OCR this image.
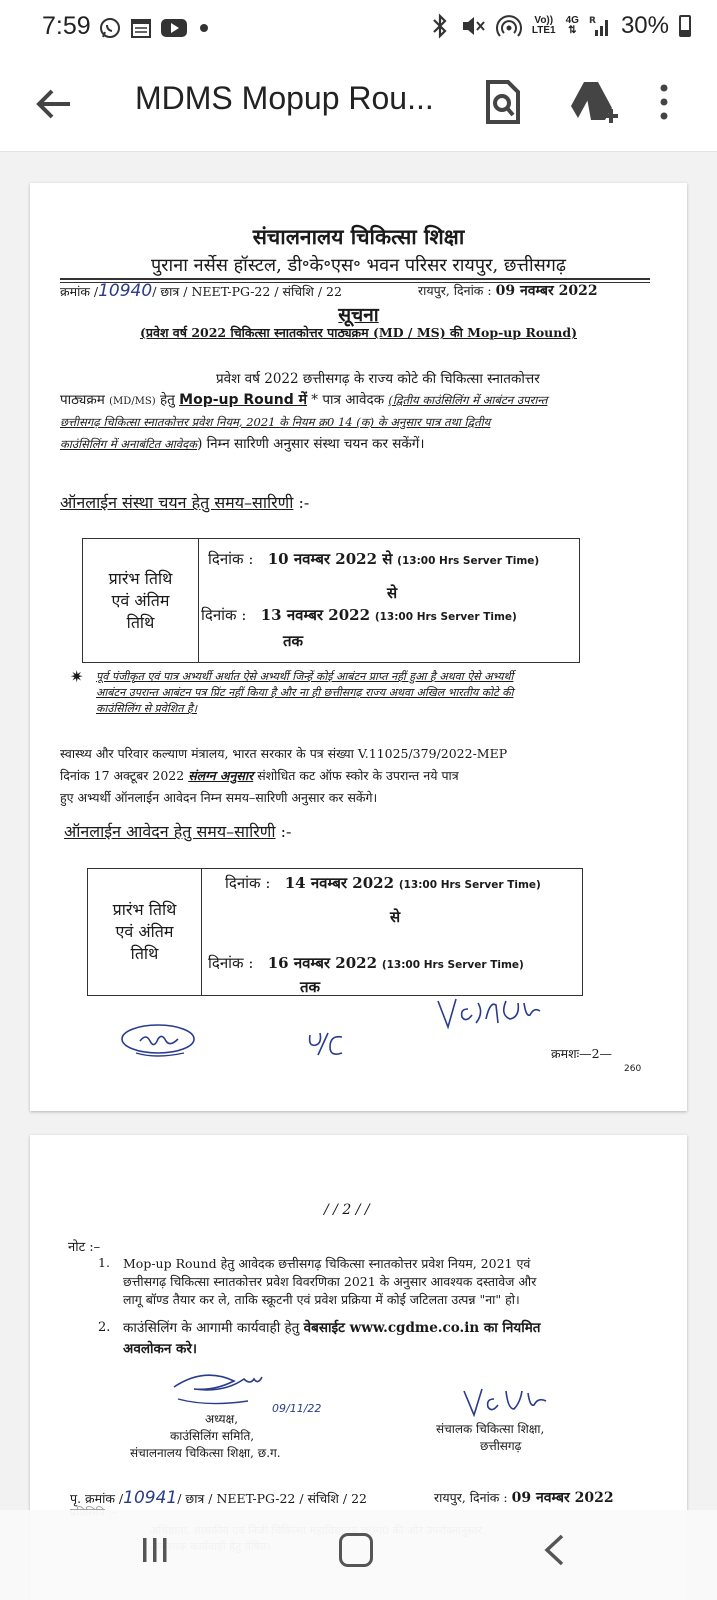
7:59	Vo))
LTE1
4G
⇅
R 30%
MDMS Mopup Rou...
संचालनालय चिकित्सा शिक्षा
पुराना नर्सेस हॉस्टल, डी॰के॰एस॰ भवन परिसर रायपुर, छत्तीसगढ़
क्रमांक /10940/ छात्र / NEET-PG-22 / संचिशि / 22	रायपुर, दिनांक : 09 नवम्बर 2022
सूचना
(प्रवेश वर्ष 2022 चिकित्सा स्नातकोत्तर पाठ्यक्रम (MD / MS) की Mop-up Round)
प्रवेश वर्ष 2022 छत्तीसगढ़ के राज्य कोटे की चिकित्सा स्नातकोत्तर
पाठ्यक्रम (MD/MS) हेतु Mop-up Round में * पात्र आवेदक (द्वितीय काउंसिलिंग में आबंटन उपरान्त
छत्तीसगढ़ चिकित्सा स्नातकोत्तर प्रवेश नियम, 2021 के नियम क्र0 14 (क) के अनुसार पात्र तथा द्वितीय
काउंसिलिंग में अनाबंटित आवेदक) निम्न सारिणी अनुसार संस्था चयन कर सकेंगें।
ऑनलाईन संस्था चयन हेतु समय–सारिणी :-
प्रारंभ तिथि
एवं अंतिम
तिथि
दिनांक : 10 नवम्बर 2022 से (13:00 Hrs Server Time)
से
दिनांक : 13 नवम्बर 2022 (13:00 Hrs Server Time)
तक
✷ पूर्व पंजीकृत एवं पात्र अभ्यर्थी अर्थात ऐसे अभ्यर्थी जिन्हें कोई आबंटन प्राप्त नहीं हुआ है अथवा ऐसे अभ्यर्थी
आबंटन उपरान्त आबंटन पत्र प्रिंट नहीं किया है और ना ही छत्तीसगढ़ राज्य अथवा अखिल भारतीय कोटे की
काउंसिलिंग से प्रवेशित है।
स्वास्थ्य और परिवार कल्याण मंत्रालय, भारत सरकार के पत्र संख्या V.11025/379/2022-MEP
दिनांक 17 अक्टूबर 2022 संलग्न अनुसार संशोधित कट ऑफ स्कोर के उपरान्त नये पात्र
हुए अभ्यर्थी ऑनलाईन आवेदन निम्न समय–सारिणी अनुसार कर सकेंगे।
ऑनलाईन आवेदन हेतु समय–सारिणी :-
प्रारंभ तिथि
एवं अंतिम
तिथि
दिनांक : 14 नवम्बर 2022 (13:00 Hrs Server Time)
से
दिनांक : 16 नवम्बर 2022 (13:00 Hrs Server Time)
तक
क्रमशः—2—
260
/ / 2 / /
नोट :–
1. Mop-up Round हेतु आवेदक छत्तीसगढ़ चिकित्सा स्नातकोत्तर प्रवेश नियम, 2021 एवं
छत्तीसगढ़ चिकित्सा स्नातकोत्तर प्रवेश विवरणिका 2021 के अनुसार आवश्यक दस्तावेज और
लागू बॉण्ड तैयार कर ले, ताकि स्क्रूटनी एवं प्रवेश प्रक्रिया में कोई जटिलता उत्पन्न "ना" हो।
2. काउंसिलिंग के आगामी कार्यवाही हेतु वेबसाईट www.cgdme.co.in का नियमित
अवलोकन करे।
09/11/22
अध्यक्ष,
काउंसिलिंग समिति,
संचालनालय चिकित्सा शिक्षा, छ.ग.
संचालक चिकित्सा शिक्षा,
छत्तीसगढ़
पृ. क्रमांक /10941/ छात्र / NEET-PG-22 / संचिशि / 22	रायपुर, दिनांक : 09 नवम्बर 2022
